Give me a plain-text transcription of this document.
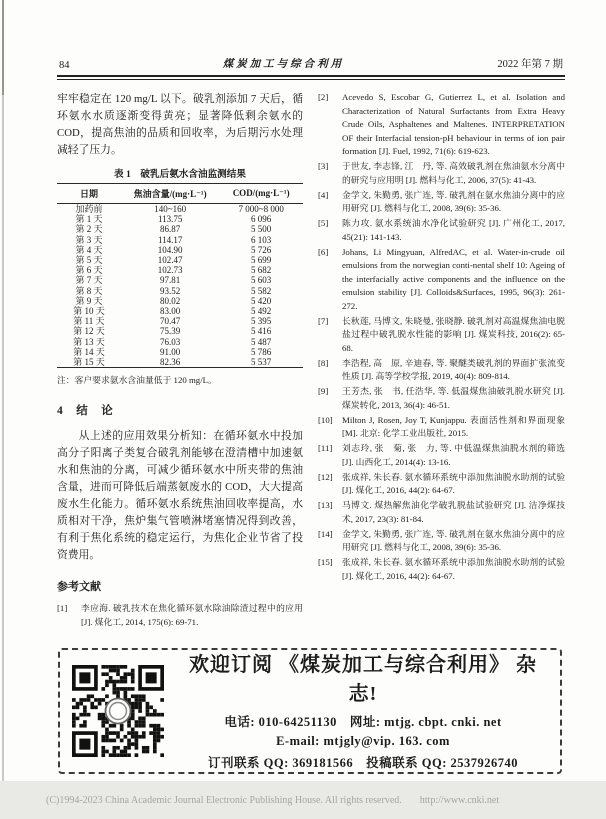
84	煤炭加工与综合利用	2022 年第 7 期

牢牢稳定在 120 mg/L 以下。破乳剂添加 7 天后，循环氨水水质逐渐变得黄亮；显著降低剩余氨水的 COD，提高焦油的品质和回收率，为后期污水处理减轻了压力。

表 1　破乳后氨水含油监测结果
日期	焦油含量/(mg·L⁻¹)	COD/(mg·L⁻¹)
加药前	140~160	7 000~8 000
第 1 天	113.75	6 096
第 2 天	86.87	5 500
第 3 天	114.17	6 103
第 4 天	104.90	5 726
第 5 天	102.47	5 699
第 6 天	102.73	5 682
第 7 天	97.81	5 603
第 8 天	93.52	5 582
第 9 天	80.02	5 420
第 10 天	83.00	5 492
第 11 天	70.47	5 395
第 12 天	75.39	5 416
第 13 天	76.03	5 487
第 14 天	91.00	5 786
第 15 天	82.36	5 537

注：客户要求氨水含油量低于 120 mg/L。

4　结　论

从上述的应用效果分析知：在循环氨水中投加高分子阳离子类复合破乳剂能够在澄清槽中加速氨水和焦油的分离，可减少循环氨水中所夹带的焦油含量，进而可降低后端蒸氨废水的 COD，大大提高废水生化能力。循环氨水系统焦油回收率提高，水质相对干净，焦炉集气管喷淋堵塞情况得到改善，有利于焦化系统的稳定运行，为焦化企业节省了投资费用。

参考文献
[1]	李应海. 破乳技术在焦化循环氨水除油除渣过程中的应用 [J]. 煤化工, 2014, 175(6): 69-71.
[2]	Acevedo S, Escobar G, Gutierrez L, et al. Isolation and Characterization of Natural Surfactants from Extra Heavy Crude Oils, Asphaltenes and Maltenes. INTERPRETATION OF their Interfacial tension-pH behaviour in terms of ion pair formation [J]. Fuel, 1992, 71(6): 619-623.
[3]	于世友, 李志锋, 江　丹, 等. 高效破乳剂在焦油氨水分离中的研究与应用明 [J]. 燃料与化工, 2006, 37(5): 41-43.
[4]	金学文, 朱勤勇, 张广连, 等. 破乳剂在氨水焦油分离中的应用研究 [J]. 燃料与化工, 2008, 39(6): 35-36.
[5]	陈力攻. 氨水系统油水净化试验研究 [J]. 广州化工, 2017, 45(21): 141-143.
[6]	Johans, Li Mingyuan, AlfredAC, et al. Water-in-crude oil emulsions from the norwegian conti-nental shelf 10: Ageing of the interfacially active components and the influence on the emulsion stability [J]. Colloids&Surfaces, 1995, 96(3): 261-272.
[7]	长秋莲, 马博文, 朱晓曼, 张晓静. 破乳剂对高温煤焦油电脱盐过程中破乳脱水性能的影响 [J]. 煤炭科技, 2016(2): 65-68.
[8]	李浩程, 高　原, 辛迪春, 等. 聚醚类破乳剂的界面扩张流变性质 [J]. 高等学校学报, 2019, 40(4): 809-814.
[9]	王芳杰, 张　书, 任浩华, 等. 低温煤焦油破乳脱水研究 [J]. 煤炭转化, 2013, 36(4): 46-51.
[10]	Milton J, Rosen, Joy T, Kunjappu. 表面活性剂和界面现象 [M]. 北京: 化学工业出版社, 2015.
[11]	刘志玲, 张　菊, 张　力, 等. 中低温煤焦油脱水剂的筛选 [J]. 山西化工, 2014(4): 13-16.
[12]	张成祥, 朱长春. 氨水循环系统中添加焦油脱水助剂的试验 [J]. 煤化工, 2016, 44(2): 64-67.
[13]	马博文. 煤热解焦油化学破乳脱盐试验研究 [J]. 洁净煤技术, 2017, 23(3): 81-84.
[14]	金学文, 朱勤勇, 张广连, 等. 破乳剂在氨水焦油分离中的应用研究 [J]. 燃料与化工, 2008, 39(6): 35-36.
[15]	张成祥, 朱长春. 氨水循环系统中添加焦油脱水助剂的试验 [J]. 煤化工, 2016, 44(2): 64-67.
欢迎订阅 《煤炭加工与综合利用》 杂志!
电话: 010-64251130　网址: mtjg. cbpt. cnki. net
E-mail: mtjgly@vip. 163. com
订刊联系 QQ: 369181566　投稿联系 QQ: 2537926740
(C)1994-2023 China Academic Journal Electronic Publishing House. All rights reserved. http://www.cnki.net
